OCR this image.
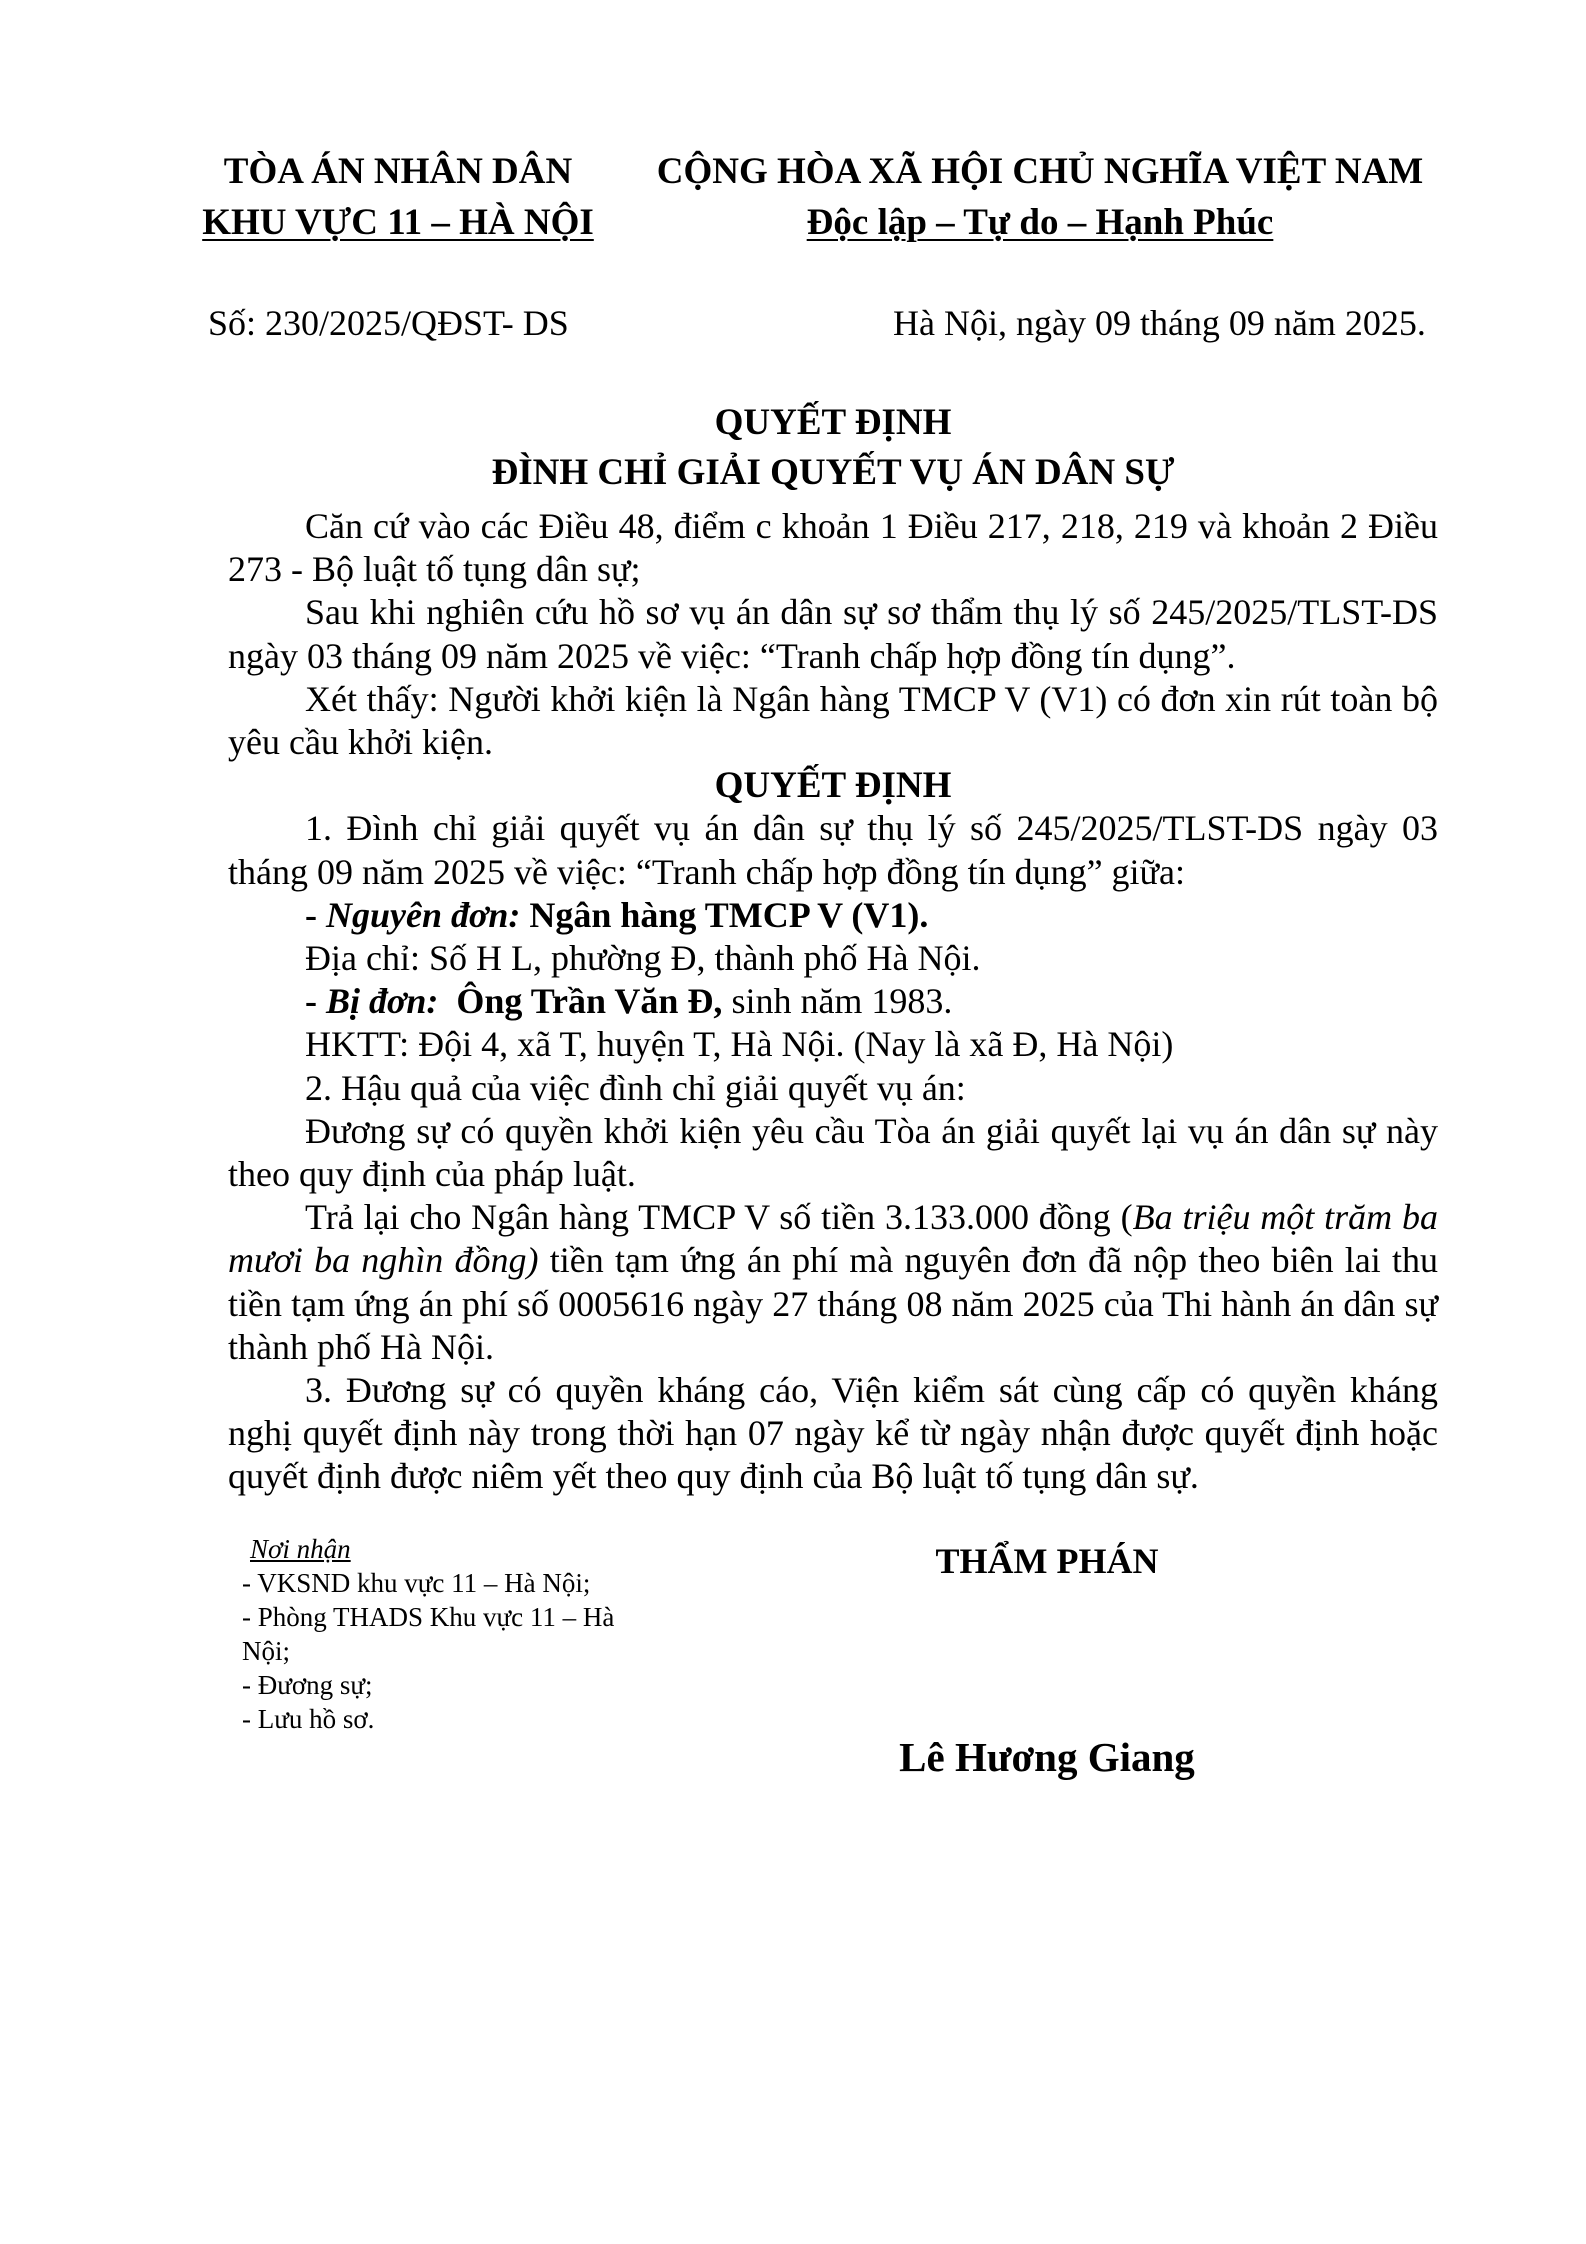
TÒA ÁN NHÂN DÂN
KHU VỰC 11 – HÀ NỘI
CỘNG HÒA XÃ HỘI CHỦ NGHĨA VIỆT NAM
Độc lập – Tự do – Hạnh Phúc
Số: 230/2025/QĐST- DS	Hà Nội, ngày 09 tháng 09 năm 2025.
QUYẾT ĐỊNH
ĐÌNH CHỈ GIẢI QUYẾT VỤ ÁN DÂN SỰ

Căn cứ vào các Điều 48, điểm c khoản 1 Điều 217, 218, 219 và khoản 2 Điều 273 - Bộ luật tố tụng dân sự;

Sau khi nghiên cứu hồ sơ vụ án dân sự sơ thẩm thụ lý số 245/2025/TLST-DS ngày 03 tháng 09 năm 2025 về việc: “Tranh chấp hợp đồng tín dụng”.

Xét thấy: Người khởi kiện là Ngân hàng TMCP V (V1) có đơn xin rút toàn bộ yêu cầu khởi kiện.

QUYẾT ĐỊNH

1. Đình chỉ giải quyết vụ án dân sự thụ lý số 245/2025/TLST-DS ngày 03 tháng 09 năm 2025 về việc: “Tranh chấp hợp đồng tín dụng” giữa:

- Nguyên đơn: Ngân hàng TMCP V (V1).

Địa chỉ: Số H L, phường Đ, thành phố Hà Nội.

- Bị đơn: Ông Trần Văn Đ, sinh năm 1983.

HKTT: Đội 4, xã T, huyện T, Hà Nội. (Nay là xã Đ, Hà Nội)

2. Hậu quả của việc đình chỉ giải quyết vụ án:

Đương sự có quyền khởi kiện yêu cầu Tòa án giải quyết lại vụ án dân sự này theo quy định của pháp luật.

Trả lại cho Ngân hàng TMCP V số tiền 3.133.000 đồng (Ba triệu một trăm ba mươi ba nghìn đồng) tiền tạm ứng án phí mà nguyên đơn đã nộp theo biên lai thu tiền tạm ứng án phí số 0005616 ngày 27 tháng 08 năm 2025 của Thi hành án dân sự thành phố Hà Nội.

3. Đương sự có quyền kháng cáo, Viện kiểm sát cùng cấp có quyền kháng nghị quyết định này trong thời hạn 07 ngày kể từ ngày nhận được quyết định hoặc quyết định được niêm yết theo quy định của Bộ luật tố tụng dân sự.

Nơi nhận
- VKSND khu vực 11 – Hà Nội;
- Phòng THADS Khu vực 11 – Hà Nội;
- Đương sự;
- Lưu hồ sơ.
THẨM PHÁN
Lê Hương Giang
